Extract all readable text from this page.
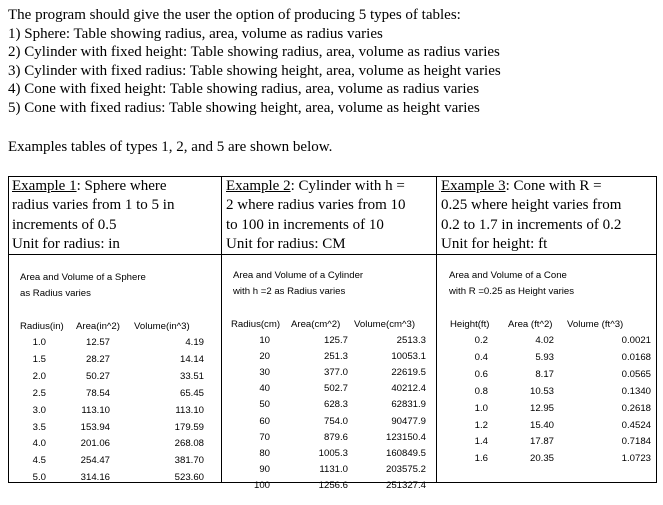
The program should give the user the option of producing 5 types of tables:
1) Sphere: Table showing radius, area, volume as radius varies
2) Cylinder with fixed height: Table showing radius, area, volume as radius varies
3) Cylinder with fixed radius: Table showing height, area, volume as height varies
4) Cone with fixed height: Table showing radius, area, volume as radius varies
5) Cone with fixed radius: Table showing height, area, volume as height varies
Examples tables of types 1, 2, and 5 are shown below.
Example 1: Sphere where
radius varies from 1 to 5 in
increments of 0.5
Unit for radius: in
Example 2: Cylinder with h =
2 where radius varies from 10
to 100 in increments of 10
Unit for radius: CM
Example 3: Cone with R =
0.25 where height varies from
0.2 to 1.7 in increments of 0.2
Unit for height: ft
Area and Volume of a Sphere
as Radius varies
Area and Volume of a Cylinder
with h =2 as Radius varies
Area and Volume of a Cone
with R =0.25 as Height varies
Radius(in) Area(in^2) Volume(in^3)
1.0	12.57	4.19
1.5	28.27	14.14
2.0	50.27	33.51
2.5	78.54	65.45
3.0	113.10	113.10
3.5	153.94	179.59
4.0	201.06	268.08
4.5	254.47	381.70
5.0	314.16	523.60
Radius(cm) Area(cm^2) Volume(cm^3)
10	125.7	2513.3
20	251.3	10053.1
30	377.0	22619.5
40	502.7	40212.4
50	628.3	62831.9
60	754.0	90477.9
70	879.6	123150.4
80	1005.3	160849.5
90	1131.0	203575.2
100	1256.6	251327.4
Height(ft) Area (ft^2) Volume (ft^3)
0.2	4.02	0.0021
0.4	5.93	0.0168
0.6	8.17	0.0565
0.8	10.53	0.1340
1.0	12.95	0.2618
1.2	15.40	0.4524
1.4	17.87	0.7184
1.6	20.35	1.0723
